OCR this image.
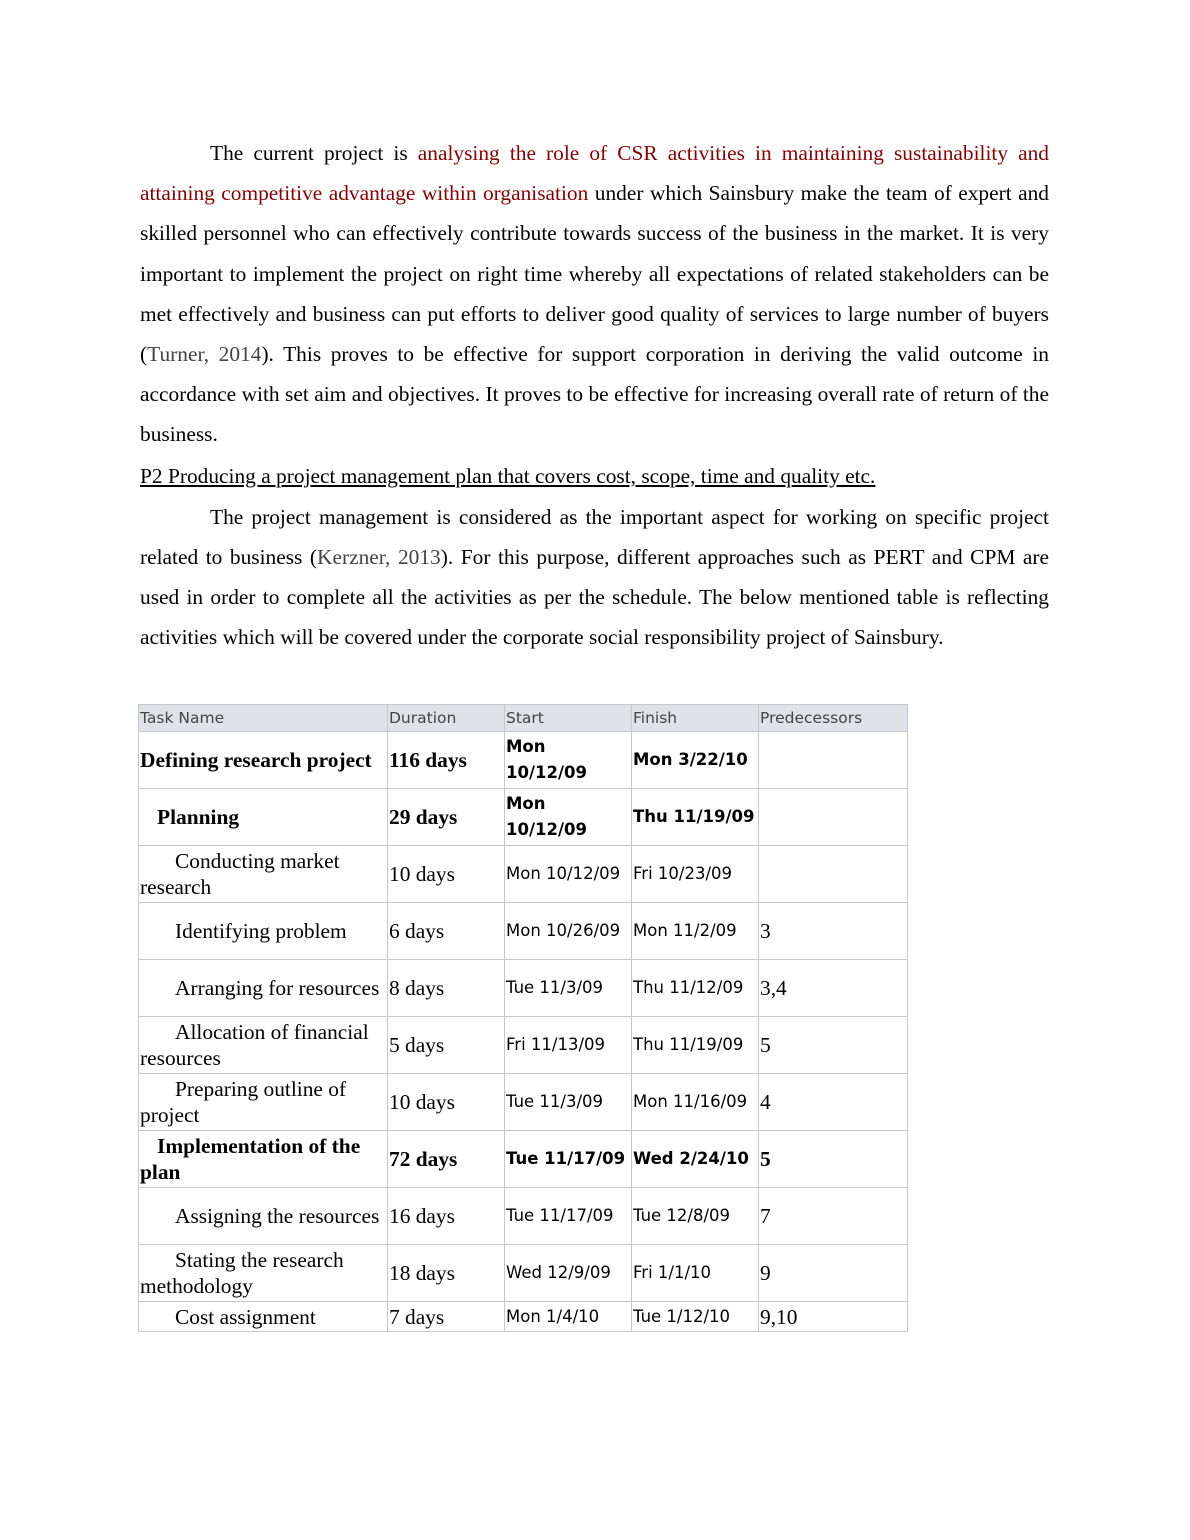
The current project is analysing the role of CSR activities in maintaining sustainability and attaining competitive advantage within organisation under which Sainsbury make the team of expert and skilled personnel who can effectively contribute towards success of the business in the market. It is very important to implement the project on right time whereby all expectations of related stakeholders can be met effectively and business can put efforts to deliver good quality of services to large number of buyers (Turner, 2014). This proves to be effective for support corporation in deriving the valid outcome in accordance with set aim and objectives. It proves to be effective for increasing overall rate of return of the business.

P2 Producing a project management plan that covers cost, scope, time and quality etc.

The project management is considered as the important aspect for working on specific project related to business (Kerzner, 2013). For this purpose, different approaches such as PERT and CPM are used in order to complete all the activities as per the schedule. The below mentioned table is reflecting activities which will be covered under the corporate social responsibility project of Sainsbury.

Task Name	Duration	Start	Finish	Predecessors
Defining research project	116 days	Mon 10/12/09	Mon 3/22/10	
Planning	29 days	Mon 10/12/09	Thu 11/19/09	
Conducting market research	10 days	Mon 10/12/09	Fri 10/23/09	
Identifying problem	6 days	Mon 10/26/09	Mon 11/2/09	3
Arranging for resources	8 days	Tue 11/3/09	Thu 11/12/09	3,4
Allocation of financial resources	5 days	Fri 11/13/09	Thu 11/19/09	5
Preparing outline of project	10 days	Tue 11/3/09	Mon 11/16/09	4
Implementation of the plan	72 days	Tue 11/17/09	Wed 2/24/10	5
Assigning the resources	16 days	Tue 11/17/09	Tue 12/8/09	7
Stating the research methodology	18 days	Wed 12/9/09	Fri 1/1/10	9
Cost assignment	7 days	Mon 1/4/10	Tue 1/12/10	9,10
